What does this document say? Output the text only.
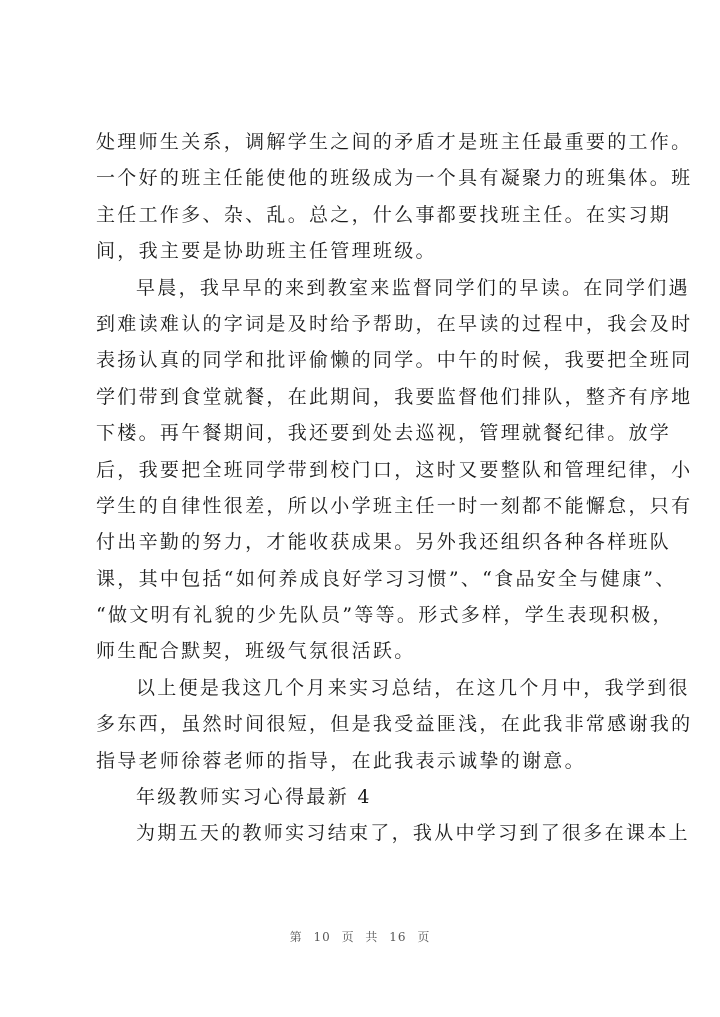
处理师生关系，调解学生之间的矛盾才是班主任最重要的工作。
一个好的班主任能使他的班级成为一个具有凝聚力的班集体。班
主任工作多、杂、乱。总之，什么事都要找班主任。在实习期
间，我主要是协助班主任管理班级。
早晨，我早早的来到教室来监督同学们的早读。在同学们遇
到难读难认的字词是及时给予帮助，在早读的过程中，我会及时
表扬认真的同学和批评偷懒的同学。中午的时候，我要把全班同
学们带到食堂就餐，在此期间，我要监督他们排队，整齐有序地
下楼。再午餐期间，我还要到处去巡视，管理就餐纪律。放学
后，我要把全班同学带到校门口，这时又要整队和管理纪律，小
学生的自律性很差，所以小学班主任一时一刻都不能懈怠，只有
付出辛勤的努力，才能收获成果。另外我还组织各种各样班队
课，其中包括“如何养成良好学习习惯”、“食品安全与健康”、
“做文明有礼貌的少先队员”等等。形式多样，学生表现积极，
师生配合默契，班级气氛很活跃。
以上便是我这几个月来实习总结，在这几个月中，我学到很
多东西，虽然时间很短，但是我受益匪浅，在此我非常感谢我的
指导老师徐蓉老师的指导，在此我表示诚挚的谢意。
年级教师实习心得最新 4
为期五天的教师实习结束了，我从中学习到了很多在课本上
第 10 页 共 16 页
